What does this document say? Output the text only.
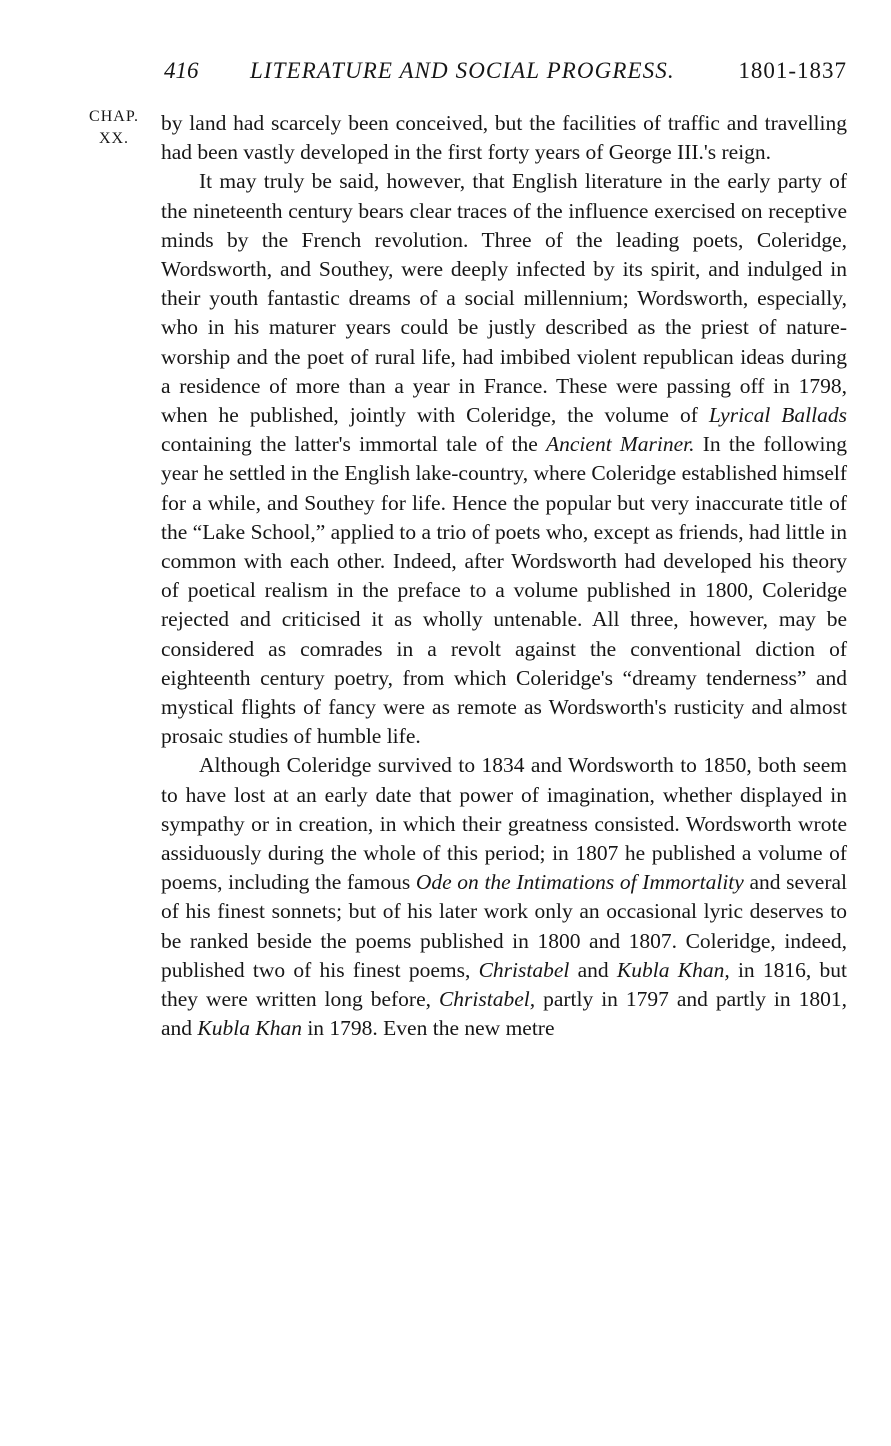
416 LITERATURE AND SOCIAL PROGRESS.	1801-1837
CHAP.
XX.

by land had scarcely been conceived, but the facilities of traffic and travelling had been vastly developed in the first forty years of George III.'s reign.

It may truly be said, however, that English literature in the early party of the nineteenth century bears clear traces of the influence exercised on receptive minds by the French revolution. Three of the leading poets, Coleridge, Wordsworth, and Southey, were deeply infected by its spirit, and indulged in their youth fantastic dreams of a social millennium; Wordsworth, especially, who in his maturer years could be justly described as the priest of nature-worship and the poet of rural life, had imbibed violent republican ideas during a residence of more than a year in France. These were passing off in 1798, when he published, jointly with Coleridge, the volume of Lyrical Ballads containing the latter's immortal tale of the Ancient Mariner. In the following year he settled in the English lake-country, where Coleridge established himself for a while, and Southey for life. Hence the popular but very inaccurate title of the “Lake School,” applied to a trio of poets who, except as friends, had little in common with each other. Indeed, after Wordsworth had developed his theory of poetical realism in the preface to a volume published in 1800, Coleridge rejected and criticised it as wholly untenable. All three, however, may be considered as comrades in a revolt against the conventional diction of eighteenth century poetry, from which Coleridge's “dreamy tenderness” and mystical flights of fancy were as remote as Wordsworth's rusticity and almost prosaic studies of humble life.

Although Coleridge survived to 1834 and Wordsworth to 1850, both seem to have lost at an early date that power of imagination, whether displayed in sympathy or in creation, in which their greatness consisted. Wordsworth wrote assiduously during the whole of this period; in 1807 he published a volume of poems, including the famous Ode on the Intimations of Immortality and several of his finest sonnets; but of his later work only an occasional lyric deserves to be ranked beside the poems published in 1800 and 1807. Coleridge, indeed, published two of his finest poems, Christabel and Kubla Khan, in 1816, but they were written long before, Christabel, partly in 1797 and partly in 1801, and Kubla Khan in 1798. Even the new metre
